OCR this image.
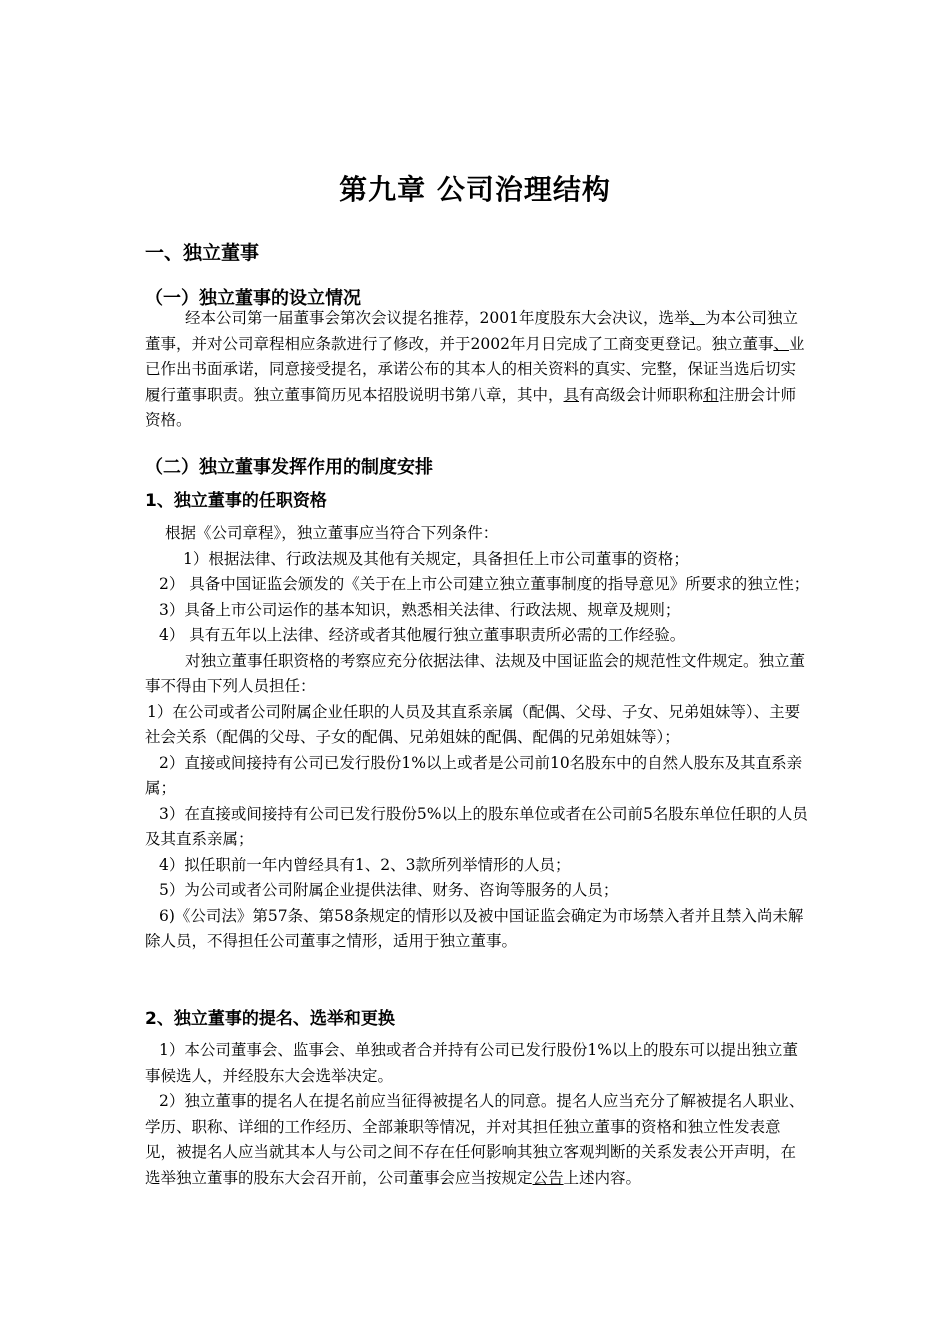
第九章 公司治理结构
一、独立董事
（一）独立董事的设立情况

经本公司第一届董事会第次会议提名推荐，2001年度股东大会决议，选举、为本公司独立董事，并对公司章程相应条款进行了修改，并于2002年月日完成了工商变更登记。独立董事、业已作出书面承诺，同意接受提名，承诺公布的其本人的相关资料的真实、完整，保证当选后切实履行董事职责。独立董事简历见本招股说明书第八章，其中，具有高级会计师职称和注册会计师资格。

（二）独立董事发挥作用的制度安排
1、独立董事的任职资格

根据《公司章程》，独立董事应当符合下列条件：

1）根据法律、行政法规及其他有关规定，具备担任上市公司董事的资格；

2） 具备中国证监会颁发的《关于在上市公司建立独立董事制度的指导意见》所要求的独立性；

3）具备上市公司运作的基本知识，熟悉相关法律、行政法规、规章及规则；

4） 具有五年以上法律、经济或者其他履行独立董事职责所必需的工作经验。

对独立董事任职资格的考察应充分依据法律、法规及中国证监会的规范性文件规定。独立董事不得由下列人员担任：

1）在公司或者公司附属企业任职的人员及其直系亲属（配偶、父母、子女、兄弟姐妹等）、主要社会关系（配偶的父母、子女的配偶、兄弟姐妹的配偶、配偶的兄弟姐妹等）；

2）直接或间接持有公司已发行股份1%以上或者是公司前10名股东中的自然人股东及其直系亲属；

3）在直接或间接持有公司已发行股份5%以上的股东单位或者在公司前5名股东单位任职的人员及其直系亲属；

4）拟任职前一年内曾经具有1、2、3款所列举情形的人员；

5）为公司或者公司附属企业提供法律、财务、咨询等服务的人员；

6)《公司法》第57条、第58条规定的情形以及被中国证监会确定为市场禁入者并且禁入尚未解除人员，不得担任公司董事之情形，适用于独立董事。

2、独立董事的提名、选举和更换

1）本公司董事会、监事会、单独或者合并持有公司已发行股份1%以上的股东可以提出独立董事候选人，并经股东大会选举决定。

2）独立董事的提名人在提名前应当征得被提名人的同意。提名人应当充分了解被提名人职业、学历、职称、详细的工作经历、全部兼职等情况，并对其担任独立董事的资格和独立性发表意见，被提名人应当就其本人与公司之间不存在任何影响其独立客观判断的关系发表公开声明，在选举独立董事的股东大会召开前，公司董事会应当按规定公告上述内容。
